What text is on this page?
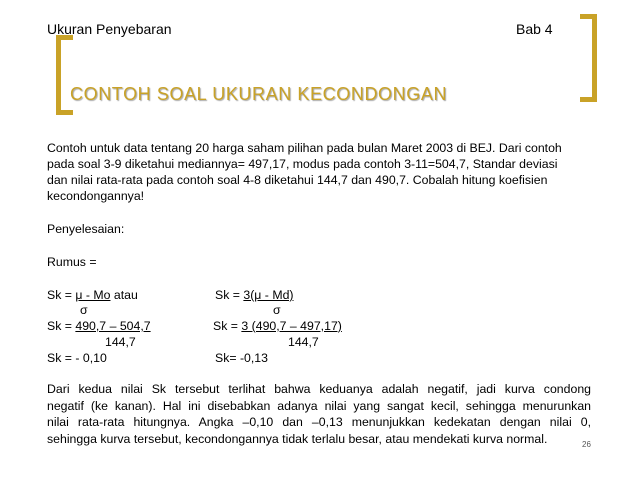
Ukuran Penyebaran	Bab 4
CONTOH SOAL UKURAN KECONDONGAN
Contoh untuk data tentang 20 harga saham pilihan pada bulan Maret 2003 di BEJ. Dari contoh
pada soal 3-9 diketahui mediannya= 497,17, modus pada contoh 3-11=504,7, Standar deviasi
dan nilai rata-rata pada contoh soal 4-8 diketahui 144,7 dan 490,7. Cobalah hitung koefisien
kecondongannya!
Penyelesaian:
Rumus =
Sk = μ - Mo atau
σ
Sk = 490,7 – 504,7
144,7
Sk = - 0,10
Sk = 3(μ - Md)
σ
Sk = 3 (490,7 – 497,17)
144,7
Sk= -0,13
Dari kedua nilai Sk tersebut terlihat bahwa keduanya adalah negatif, jadi kurva condong
negatif (ke kanan). Hal ini disebabkan adanya nilai yang sangat kecil, sehingga menurunkan
nilai rata-rata hitungnya. Angka –0,10 dan –0,13 menunjukkan kedekatan dengan nilai 0,
sehingga kurva tersebut, kecondongannya tidak terlalu besar, atau mendekati kurva normal.	26
